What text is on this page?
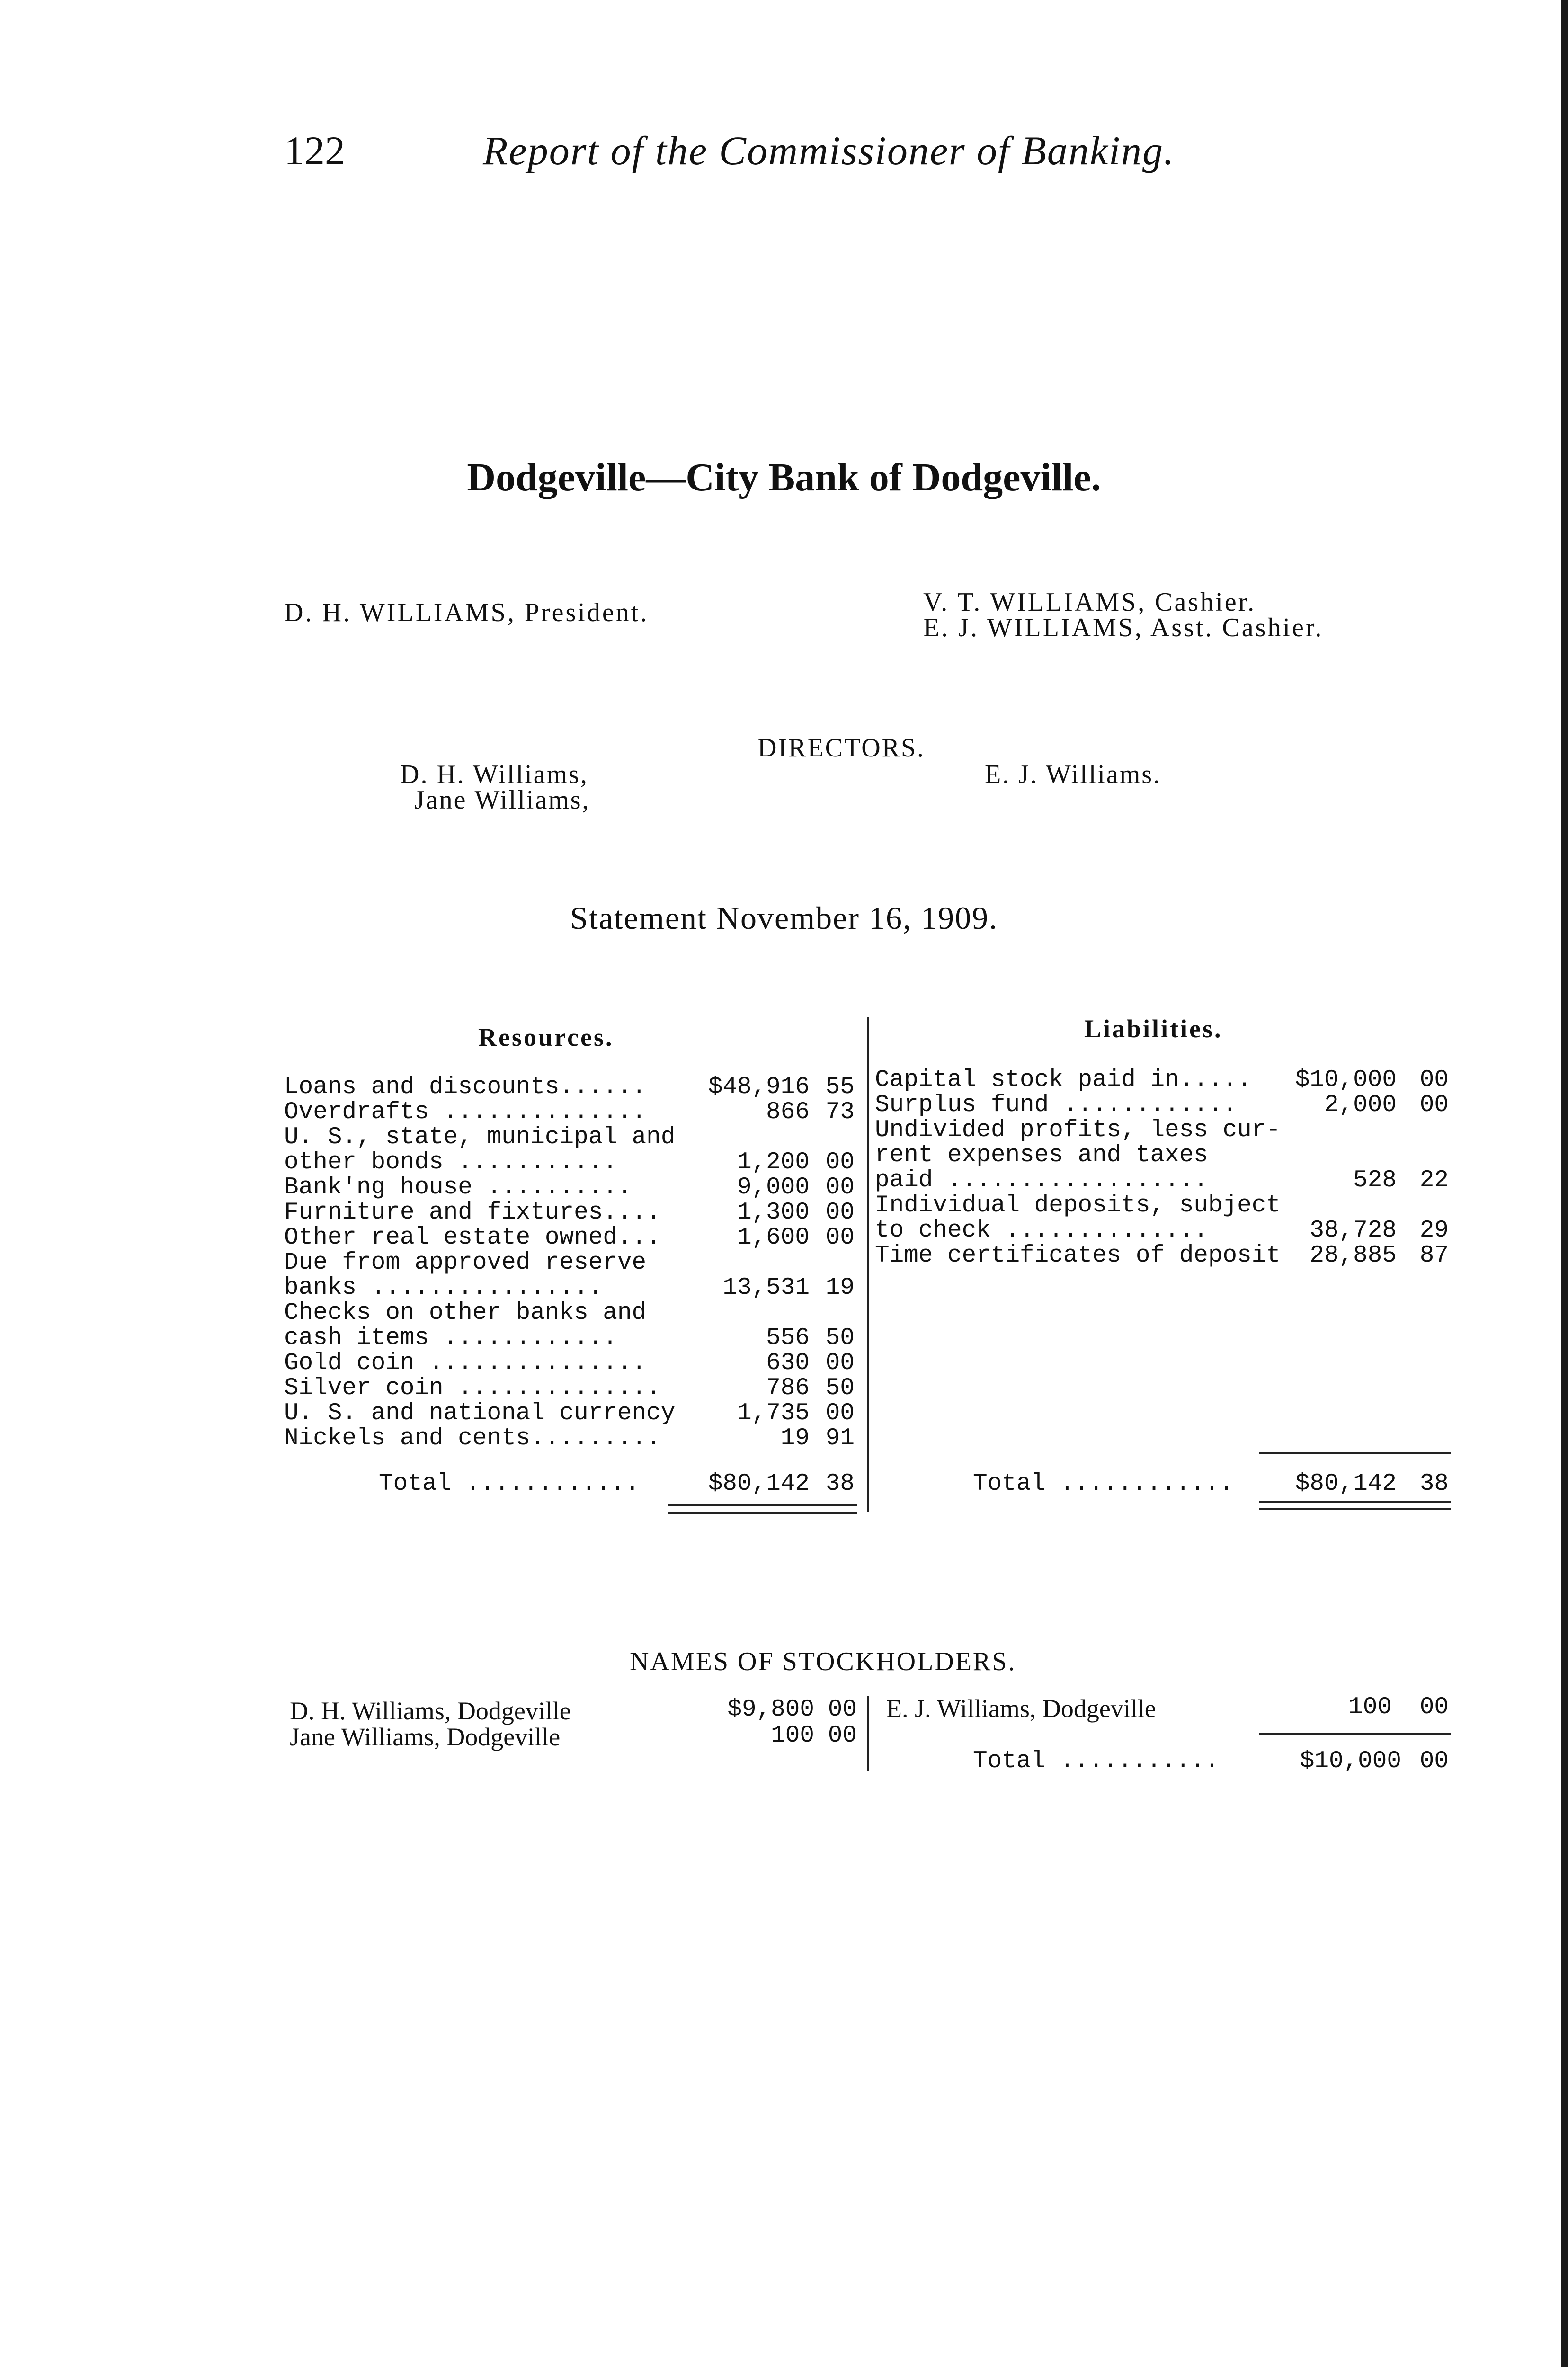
122	Report of the Commissioner of Banking.
Dodgeville—City Bank of Dodgeville.
D. H. WILLIAMS, President.	V. T. WILLIAMS, Cashier.
E. J. WILLIAMS, Asst. Cashier.
DIRECTORS.
D. H. Williams,
Jane Williams,
E. J. Williams.
Statement November 16, 1909.
Resources.	Liabilities.
Loans and discounts......	$48,916 55
Overdrafts ..............	866 73
U. S., state, municipal and
other bonds ...........	1,200 00
Bank'ng house ..........	9,000 00
Furniture and fixtures....	1,300 00
Other real estate owned...	1,600 00
Due from approved reserve
banks ................	13,531 19
Checks on other banks and
cash items ............	556 50
Gold coin ...............	630 00
Silver coin ..............	786 50
U. S. and national currency	1,735 00
Nickels and cents.........	19 91
Capital stock paid in.....	$10,000 00
Surplus fund ............	2,000 00
Undivided profits, less cur-
rent expenses and taxes
paid ..................	528 22
Individual deposits, subject
to check ..............	38,728 29
Time certificates of deposit	28,885 87
Total ............	$80,142 38	Total ............	$80,142 38
NAMES OF STOCKHOLDERS.
D. H. Williams, Dodgeville	$9,800 00
Jane Williams, Dodgeville	100 00
E. J. Williams, Dodgeville	100 00
Total ...........	$10,000 00
